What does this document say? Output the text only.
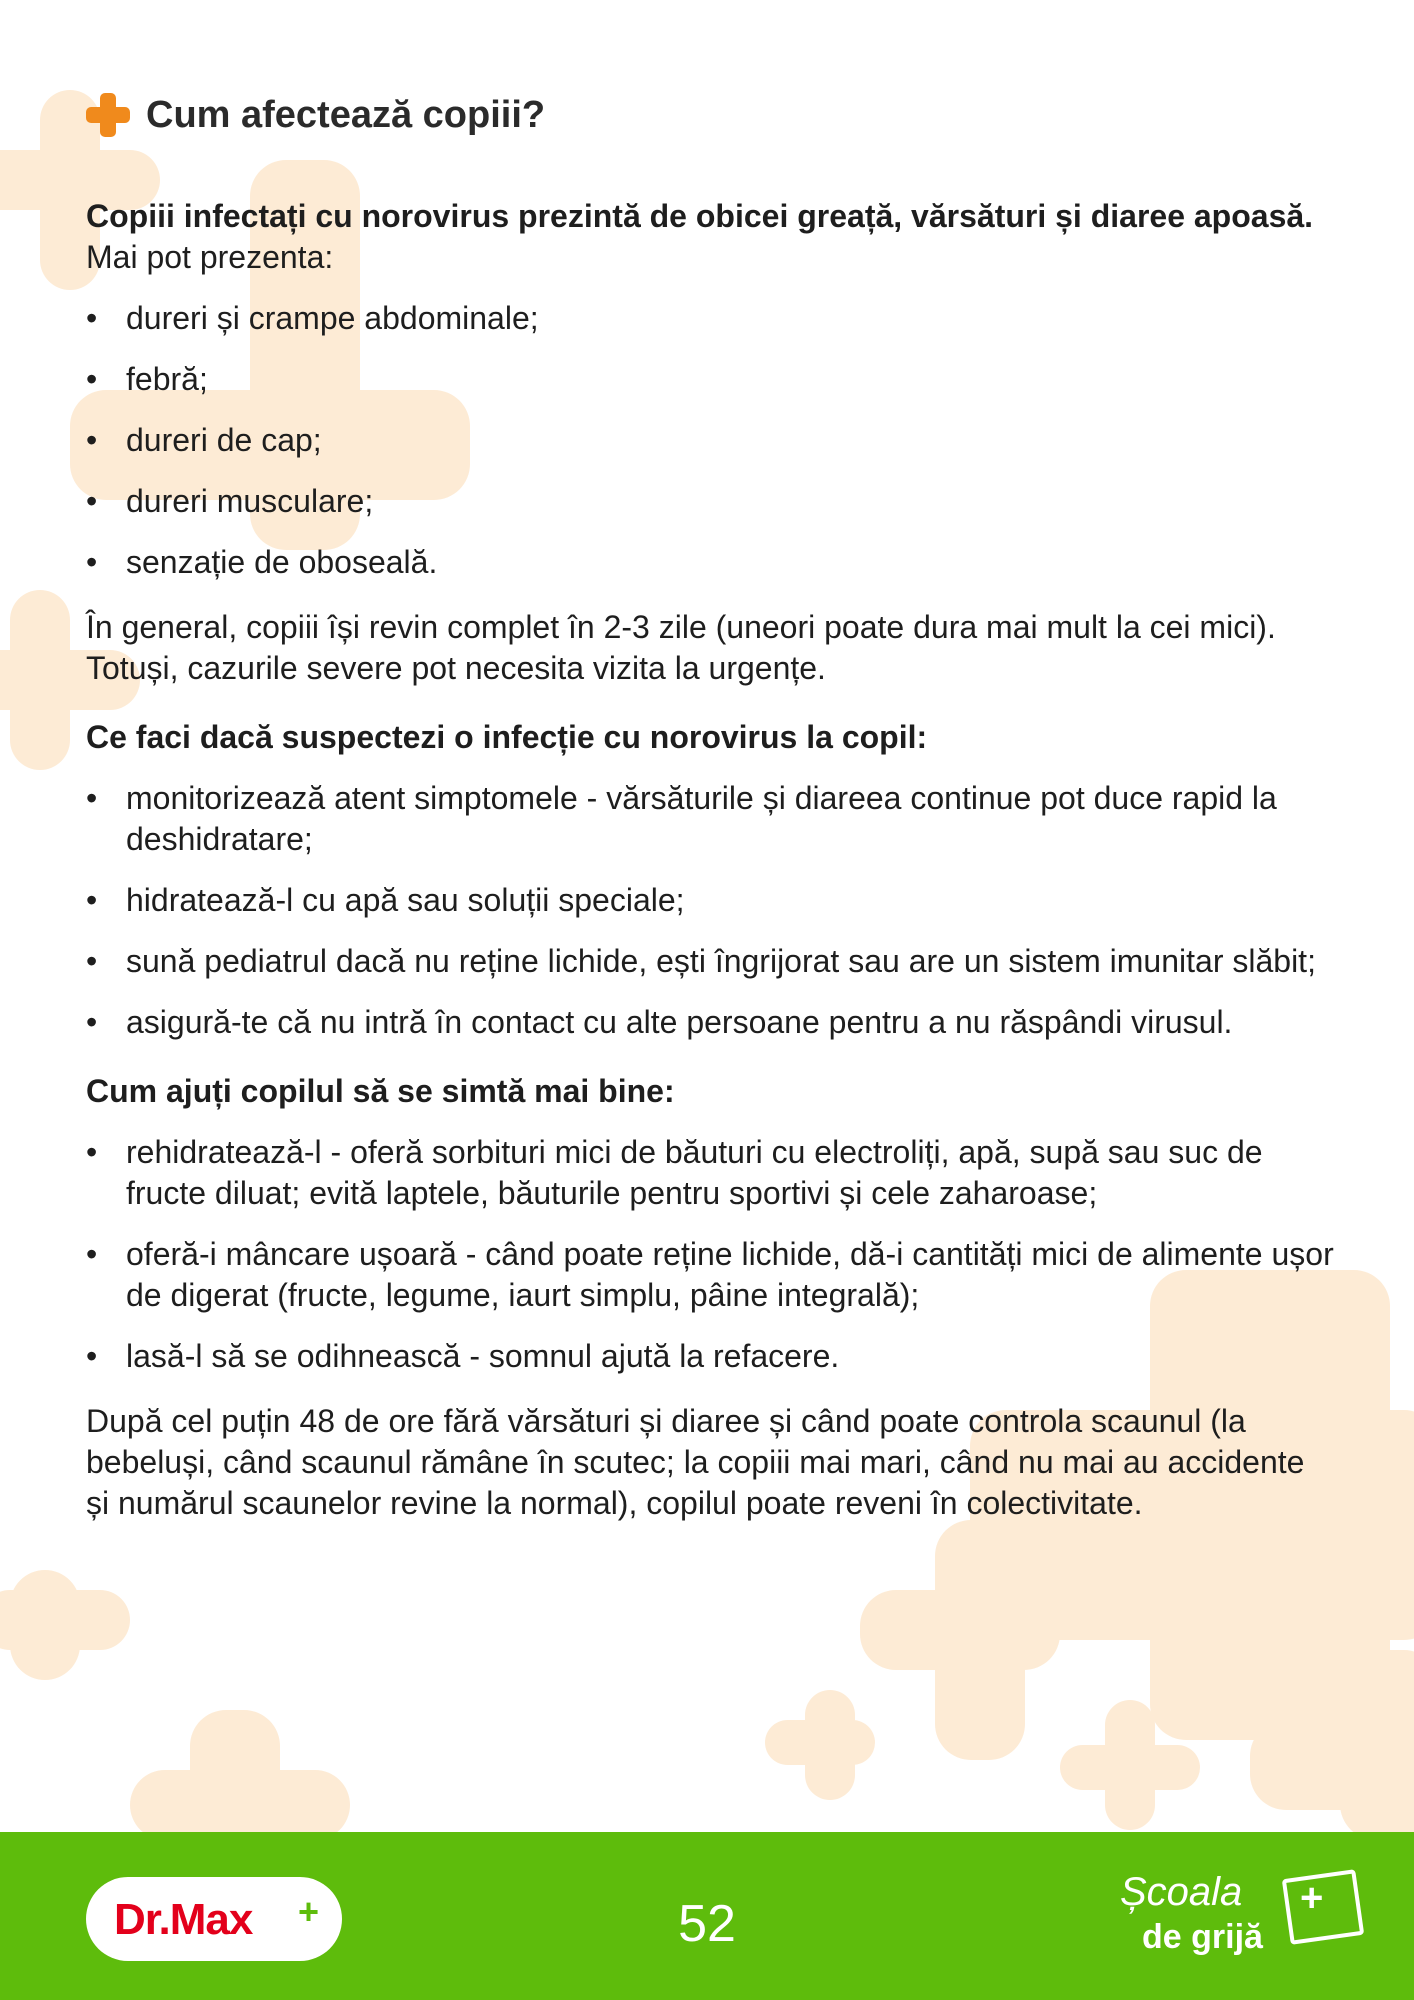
Cum afectează copiii?

Copiii infectați cu norovirus prezintă de obicei greață, vărsături și diaree apoasă. Mai pot prezenta:

• dureri și crampe abdominale;
• febră;
• dureri de cap;
• dureri musculare;
• senzație de oboseală.

În general, copiii își revin complet în 2-3 zile (uneori poate dura mai mult la cei mici). Totuși, cazurile severe pot necesita vizita la urgențe.

Ce faci dacă suspectezi o infecție cu norovirus la copil:

• monitorizează atent simptomele - vărsăturile și diareea continue pot duce rapid la deshidratare;
• hidratează-l cu apă sau soluții speciale;
• sună pediatrul dacă nu reține lichide, ești îngrijorat sau are un sistem imunitar slăbit;
• asigură-te că nu intră în contact cu alte persoane pentru a nu răspândi virusul.

Cum ajuți copilul să se simtă mai bine:

• rehidratează-l - oferă sorbituri mici de băuturi cu electroliți, apă, supă sau suc de fructe diluat; evită laptele, băuturile pentru sportivi și cele zaharoase;
• oferă-i mâncare ușoară - când poate reține lichide, dă-i cantități mici de alimente ușor de digerat (fructe, legume, iaurt simplu, pâine integrală);
• lasă-l să se odihnească - somnul ajută la refacere.

După cel puțin 48 de ore fără vărsături și diaree și când poate controla scaunul (la bebeluși, când scaunul rămâne în scutec; la copiii mai mari, când nu mai au accidente și numărul scaunelor revine la normal), copilul poate reveni în colectivitate.

Dr.Max +	52
Școala
de grijă
+
